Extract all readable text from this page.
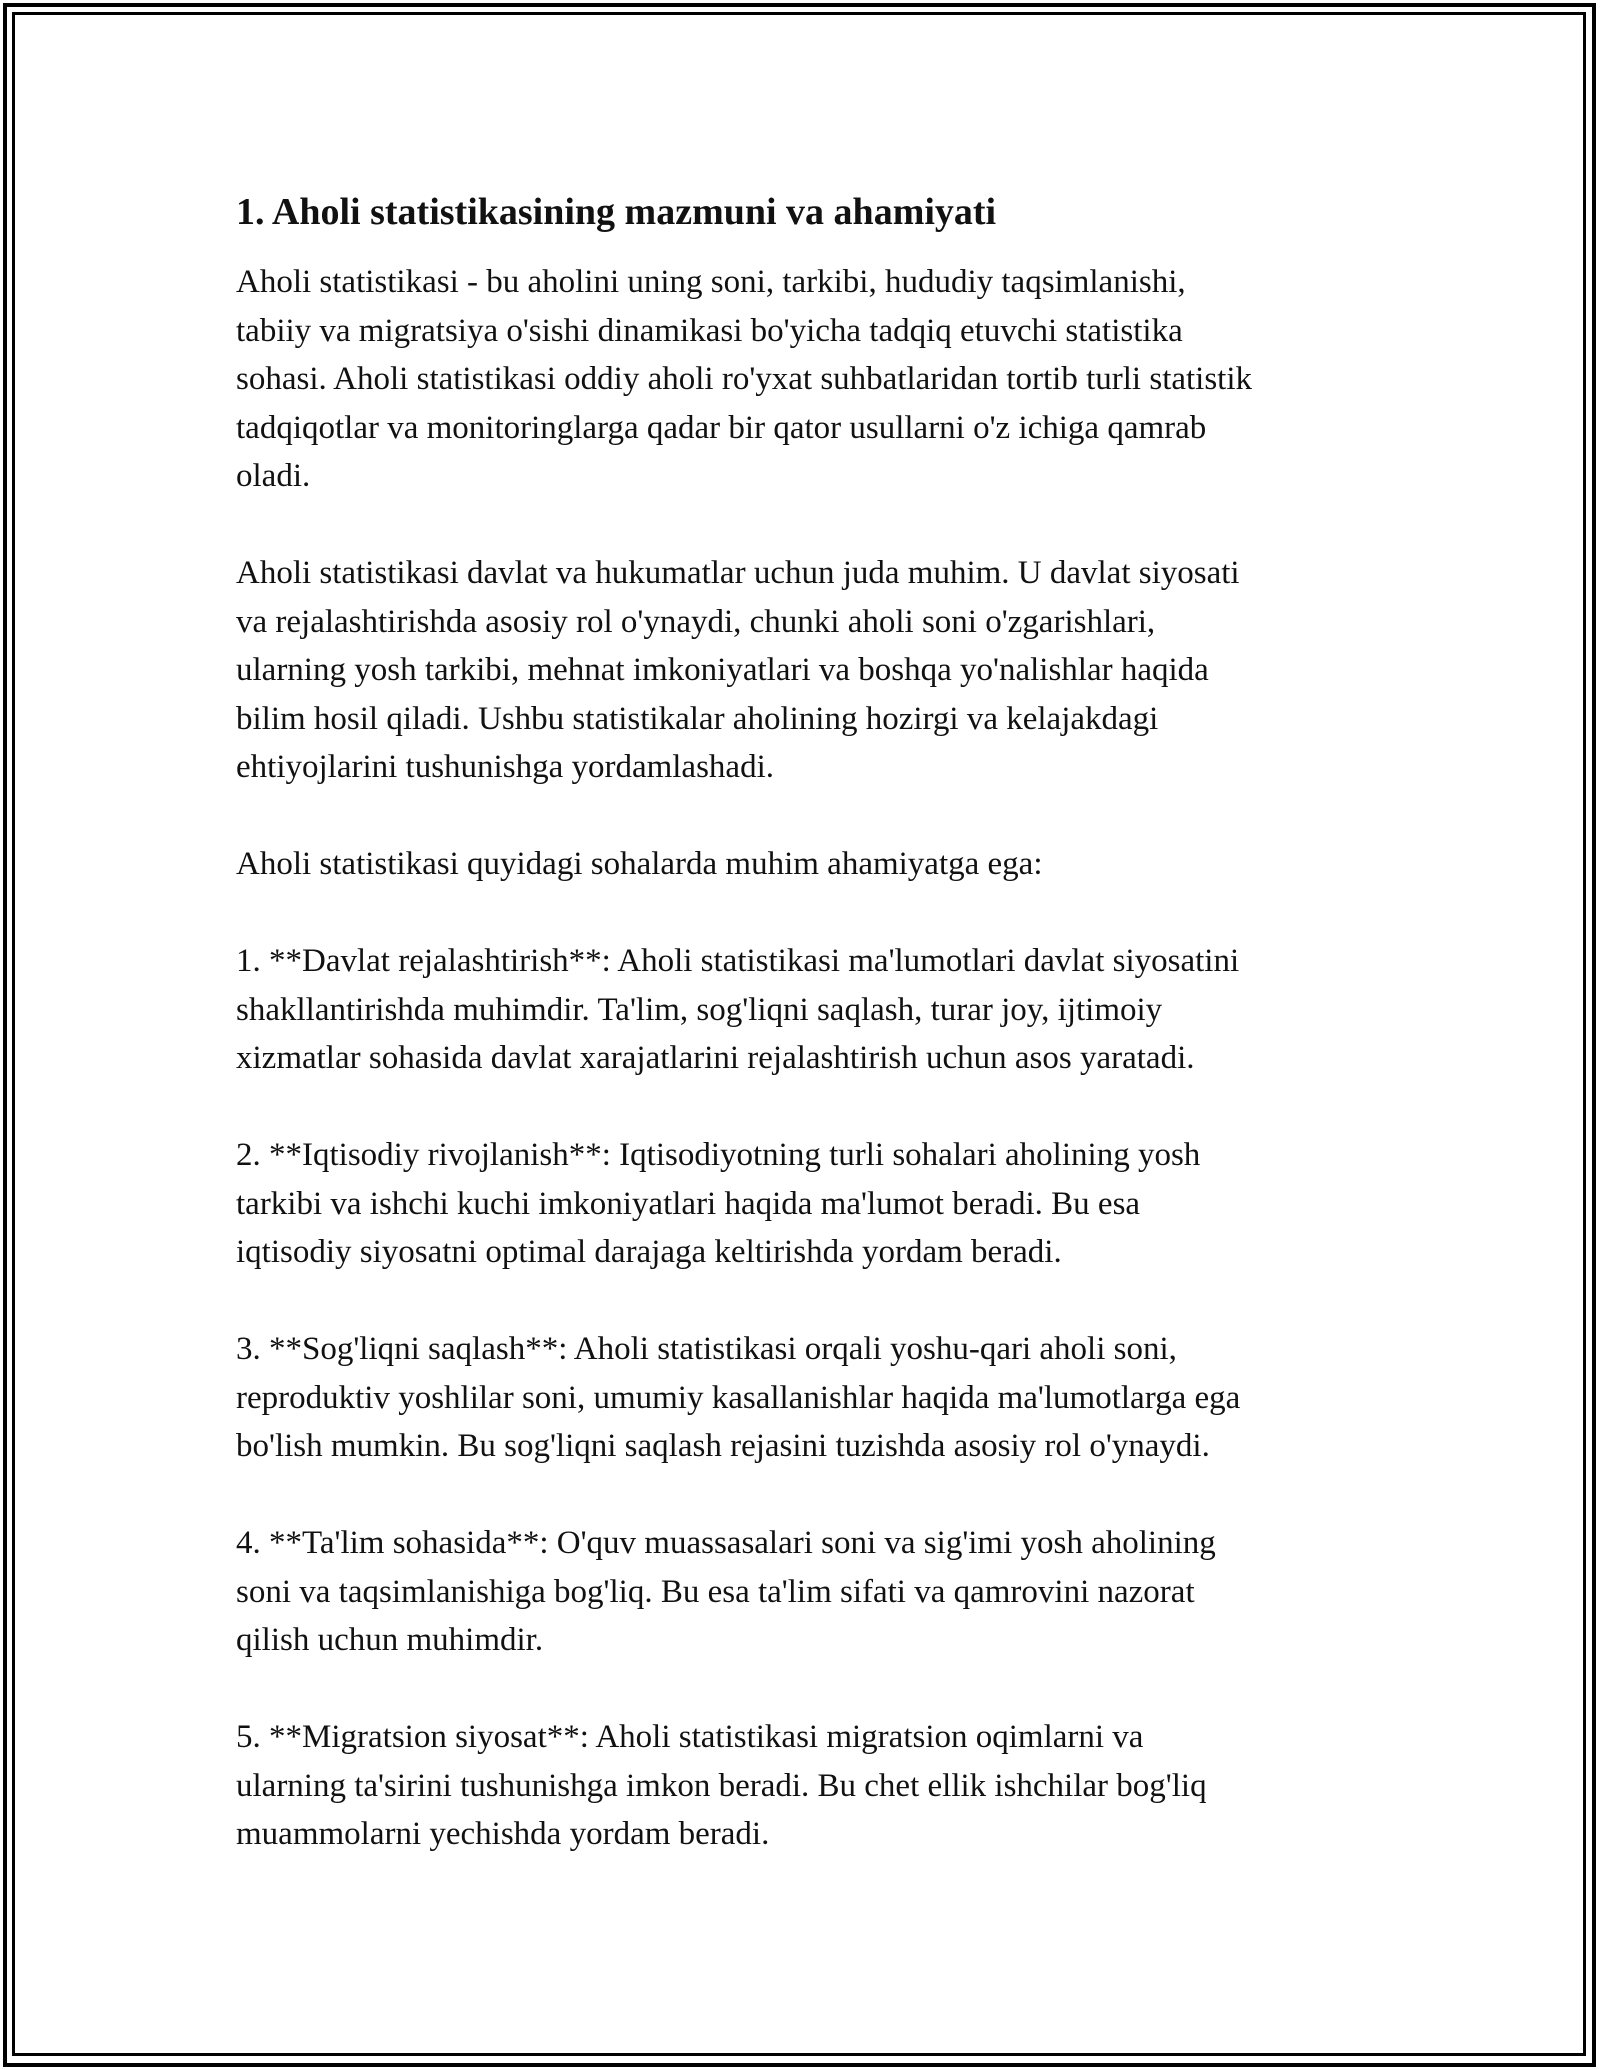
1. Aholi statistikasining mazmuni va ahamiyati

Aholi statistikasi - bu aholini uning soni, tarkibi, hududiy taqsimlanishi,
tabiiy va migratsiya o'sishi dinamikasi bo'yicha tadqiq etuvchi statistika
sohasi. Aholi statistikasi oddiy aholi ro'yxat suhbatlaridan tortib turli statistik
tadqiqotlar va monitoringlarga qadar bir qator usullarni o'z ichiga qamrab
oladi.

Aholi statistikasi davlat va hukumatlar uchun juda muhim. U davlat siyosati
va rejalashtirishda asosiy rol o'ynaydi, chunki aholi soni o'zgarishlari,
ularning yosh tarkibi, mehnat imkoniyatlari va boshqa yo'nalishlar haqida
bilim hosil qiladi. Ushbu statistikalar aholining hozirgi va kelajakdagi
ehtiyojlarini tushunishga yordamlashadi.

Aholi statistikasi quyidagi sohalarda muhim ahamiyatga ega:

1. **Davlat rejalashtirish**: Aholi statistikasi ma'lumotlari davlat siyosatini
shakllantirishda muhimdir. Ta'lim, sog'liqni saqlash, turar joy, ijtimoiy
xizmatlar sohasida davlat xarajatlarini rejalashtirish uchun asos yaratadi.

2. **Iqtisodiy rivojlanish**: Iqtisodiyotning turli sohalari aholining yosh
tarkibi va ishchi kuchi imkoniyatlari haqida ma'lumot beradi. Bu esa
iqtisodiy siyosatni optimal darajaga keltirishda yordam beradi.

3. **Sog'liqni saqlash**: Aholi statistikasi orqali yoshu-qari aholi soni,
reproduktiv yoshlilar soni, umumiy kasallanishlar haqida ma'lumotlarga ega
bo'lish mumkin. Bu sog'liqni saqlash rejasini tuzishda asosiy rol o'ynaydi.

4. **Ta'lim sohasida**: O'quv muassasalari soni va sig'imi yosh aholining
soni va taqsimlanishiga bog'liq. Bu esa ta'lim sifati va qamrovini nazorat
qilish uchun muhimdir.

5. **Migratsion siyosat**: Aholi statistikasi migratsion oqimlarni va
ularning ta'sirini tushunishga imkon beradi. Bu chet ellik ishchilar bog'liq
muammolarni yechishda yordam beradi.
